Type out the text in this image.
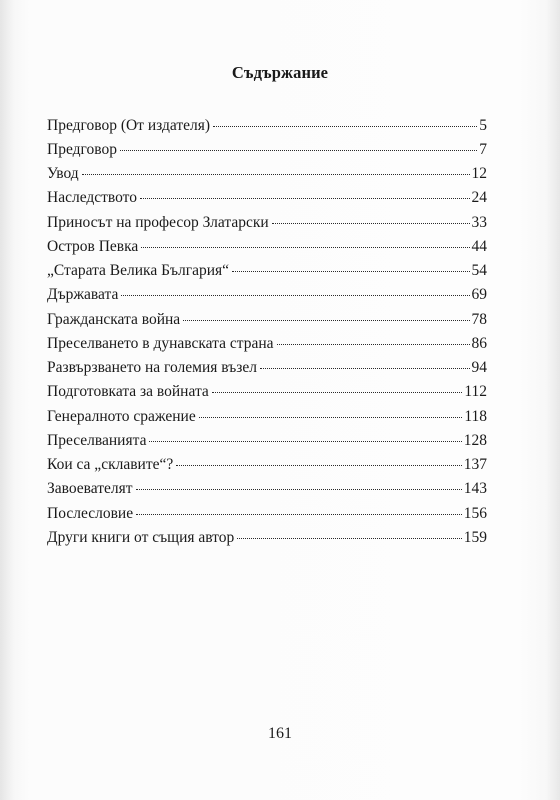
Съдържание
Предговор (От издателя)	5
Предговор	7
Увод	12
Наследството	24
Приносът на професор Златарски	33
Остров Певка	44
„Старата Велика България“	54
Държавата	69
Гражданската война	78
Преселването в дунавската страна	86
Развързването на големия възел	94
Подготовката за войната	112
Генералното сражение	118
Преселванията	128
Кои са „склавите“?	137
Завоевателят	143
Послесловие	156
Други книги от същия автор	159
161
